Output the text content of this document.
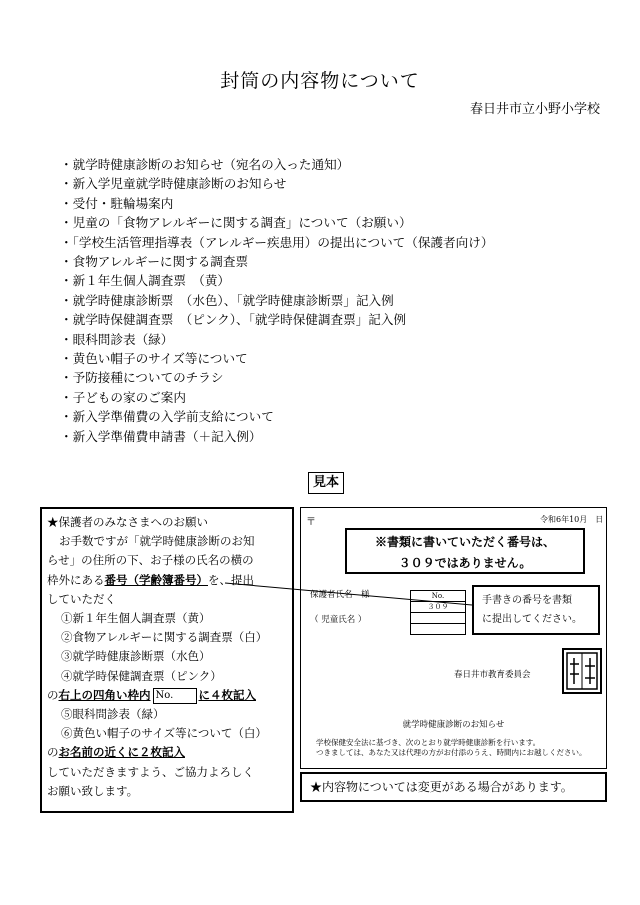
封筒の内容物について
春日井市立小野小学校
・ 就学時健康診断のお知らせ（宛名の入った通知）
・ 新入学児童就学時健康診断のお知らせ
・ 受付・駐輪場案内
・ 児童の「食物アレルギーに関する調査」について（お願い）
・ 「学校生活管理指導表（アレルギー疾患用）の提出について（保護者向け）
・ 食物アレルギーに関する調査票
・ 新１年生個人調査票　（黄）
・ 就学時健康診断票　（水色）、「就学時健康診断票」記入例
・ 就学時保健調査票　（ピンク）、「就学時保健調査票」記入例
・ 眼科問診表（緑）
・ 黄色い帽子のサイズ等について
・ 予防接種についてのチラシ
・ 子どもの家のご案内
・ 新入学準備費の入学前支給について
・ 新入学準備費申請書（＋記入例）
見本
★保護者のみなさまへのお願い
お手数ですが「就学時健康診断のお知
らせ」の住所の下、お子様の氏名の横の
枠外にある番号（学齢簿番号）を、提出
していただく
①新１年生個人調査票（黄）
②食物アレルギーに関する調査票（白）
③就学時健康診断票（水色）
④就学時保健調査票（ピンク）
の右上の四角い枠内 No. に４枚記入
⑤眼科問診表（緑）
⑥黄色い帽子のサイズ等について（白）
のお名前の近くに２枚記入
していただきますよう、ご協力よろしく
お願い致します。
〒	令和6年10月　日
※書類に書いていただく番号は、
３０９ではありません。
保護者氏名　様
（ 児童氏名 ）
No.
３０９

手書きの番号を書類
に提出してください。
春日井市教育委員会
就学時健康診断のお知らせ
学校保健安全法に基づき、次のとおり就学時健康診断を行います。
つきましては、あなた又は代理の方がお付添のうえ、時間内にお越しください。
★内容物については変更がある場合があります。
